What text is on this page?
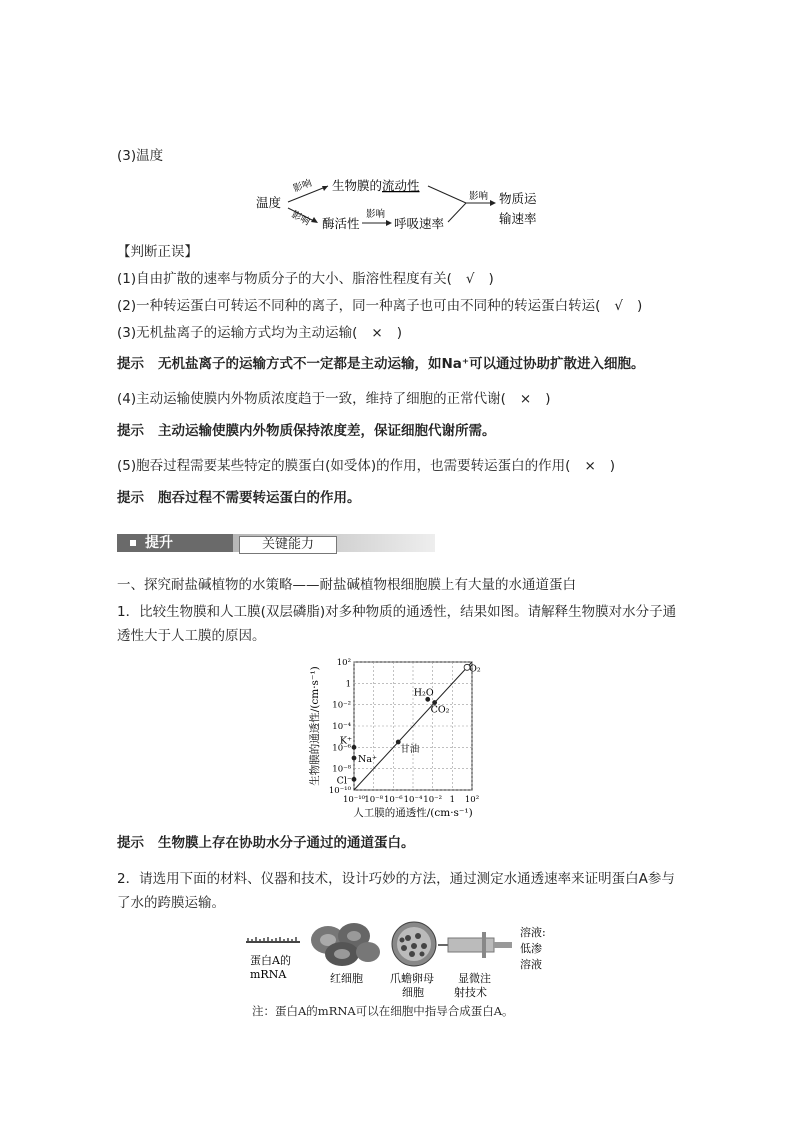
(3)温度
温度
影响
影响
生物膜的 流动性
酶活性
影响
呼吸速率
影响 物质运
输速率
【判断正误】
(1)自由扩散的速率与物质分子的大小、脂溶性程度有关( √ )
(2)一种转运蛋白可转运不同种的离子，同一种离子也可由不同种的转运蛋白转运( √ )
(3)无机盐离子的运输方式均为主动运输( × )
提示 无机盐离子的运输方式不一定都是主动运输，如Na⁺可以通过协助扩散进入细胞。
(4)主动运输使膜内外物质浓度趋于一致，维持了细胞的正常代谢( × )
提示 主动运输使膜内外物质保持浓度差，保证细胞代谢所需。
(5)胞吞过程需要某些特定的膜蛋白(如受体)的作用，也需要转运蛋白的作用( × )
提示 胞吞过程不需要转运蛋白的作用。
提升	关键能力
一、探究耐盐碱植物的水策略——耐盐碱植物根细胞膜上有大量的水通道蛋白
1．比较生物膜和人工膜(双层磷脂)对多种物质的通透性，结果如图。请解释生物膜对水分子通透性大于人工膜的原因。
10⁻¹⁰ 10⁻⁸ 10⁻⁶ 10⁻⁴ 10⁻² 1 10²
10²
1
10⁻²
10⁻⁴
10⁻⁶
10⁻⁸
10⁻¹⁰
O₂
H₂O
CO₂
甘油
K⁺
Na⁺
Cl⁻
人工膜的通透性/(cm·s⁻¹)
生物膜的通透性/(cm·s⁻¹)
提示 生物膜上存在协助水分子通过的通道蛋白。
2．请选用下面的材料、仪器和技术，设计巧妙的方法，通过测定水通透速率来证明蛋白A参与了水的跨膜运输。
蛋白A的
mRNA	红细胞 爪蟾卵母
细胞
显微注
射技术
溶液:
低渗
溶液
注：蛋白A的mRNA可以在细胞中指导合成蛋白A。
